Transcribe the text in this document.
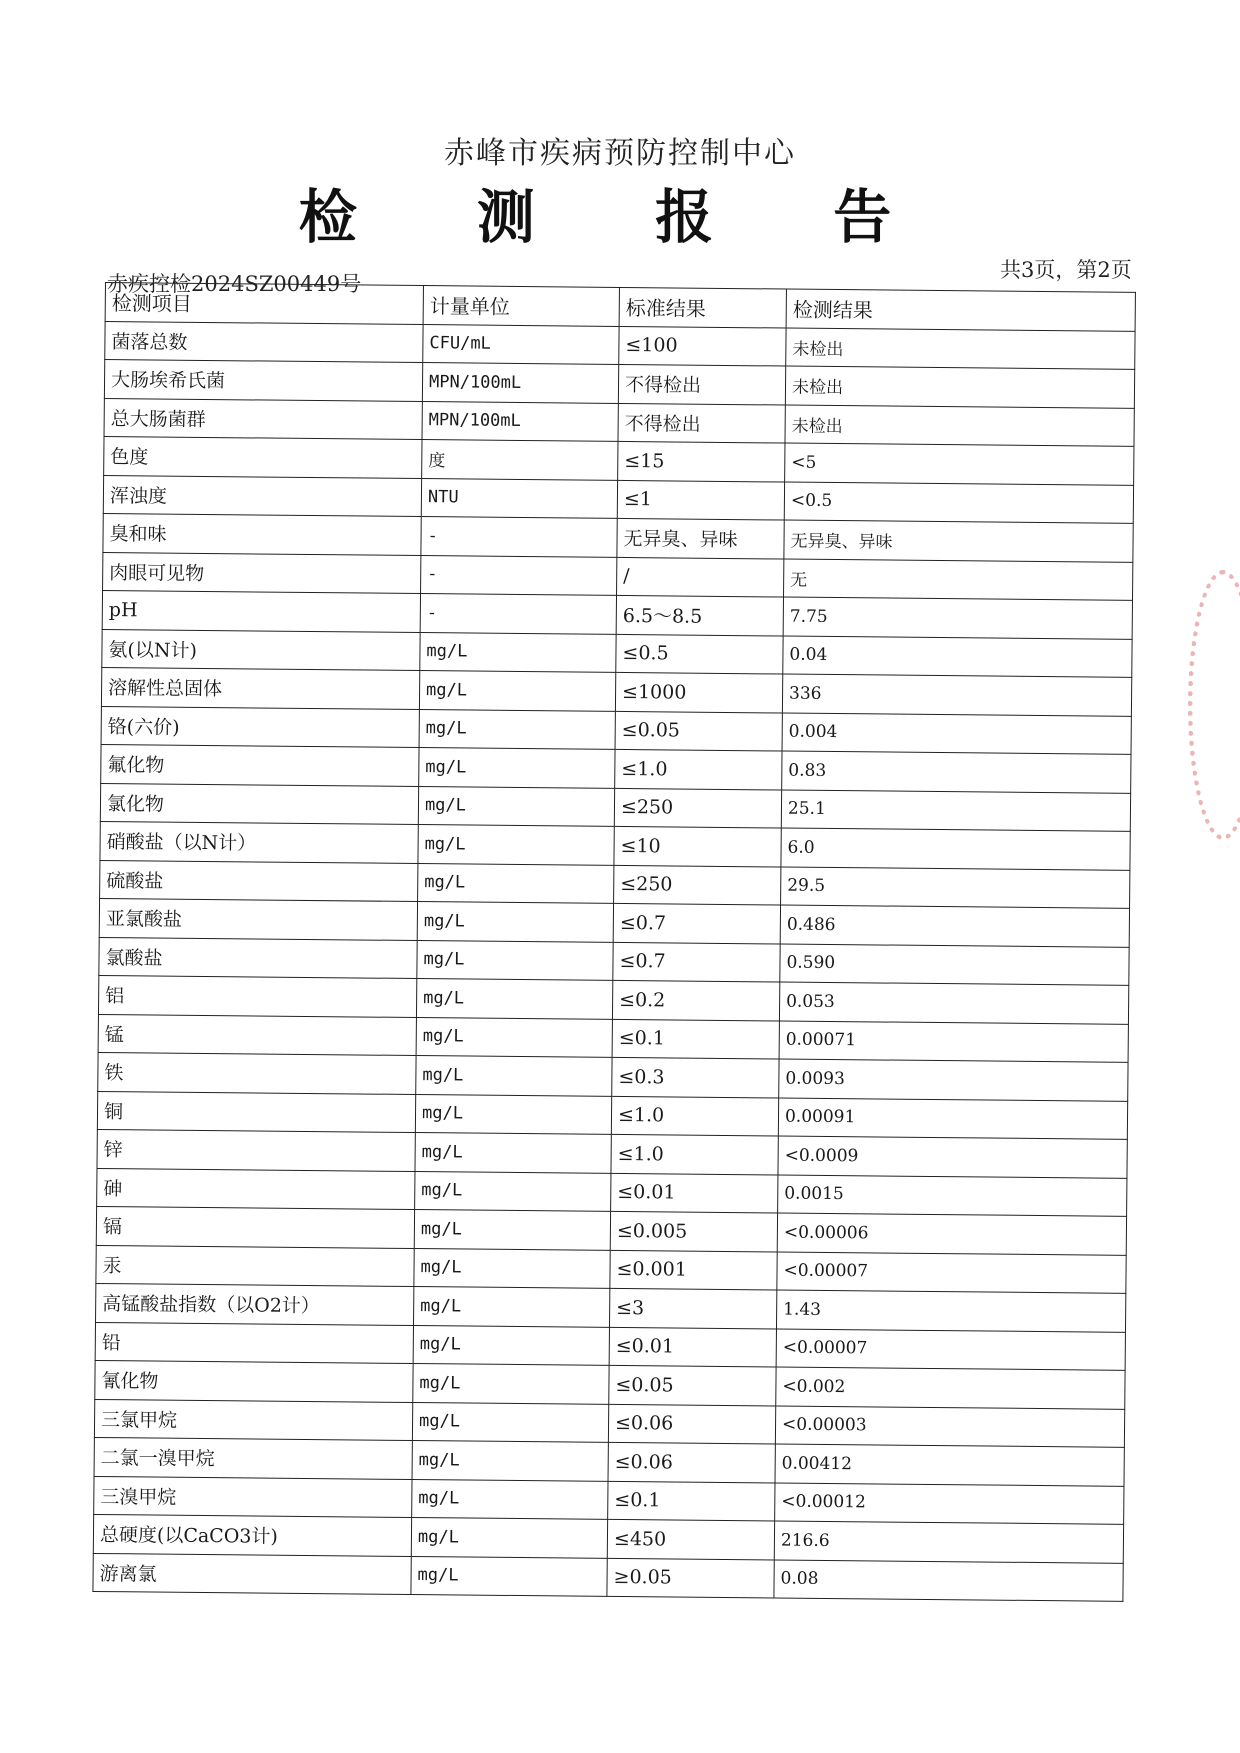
赤峰市疾病预防控制中心
检 测 报 告
赤疾控检2024SZ00449号
共3页，第2页
检测项目	计量单位	标准结果	检测结果
菌落总数	CFU/mL	≤100	未检出
大肠埃希氏菌	MPN/100mL	不得检出	未检出
总大肠菌群	MPN/100mL	不得检出	未检出
色度	度	≤15	<5
浑浊度	NTU	≤1	<0.5
臭和味	-	无异臭、异味	无异臭、异味
肉眼可见物	-	/	无
pH	-	6.5～8.5	7.75
氨(以N计)	mg/L	≤0.5	0.04
溶解性总固体	mg/L	≤1000	336
铬(六价)	mg/L	≤0.05	0.004
氟化物	mg/L	≤1.0	0.83
氯化物	mg/L	≤250	25.1
硝酸盐（以N计）	mg/L	≤10	6.0
硫酸盐	mg/L	≤250	29.5
亚氯酸盐	mg/L	≤0.7	0.486
氯酸盐	mg/L	≤0.7	0.590
铝	mg/L	≤0.2	0.053
锰	mg/L	≤0.1	0.00071
铁	mg/L	≤0.3	0.0093
铜	mg/L	≤1.0	0.00091
锌	mg/L	≤1.0	<0.0009
砷	mg/L	≤0.01	0.0015
镉	mg/L	≤0.005	<0.00006
汞	mg/L	≤0.001	<0.00007
高锰酸盐指数（以O2计）	mg/L	≤3	1.43
铅	mg/L	≤0.01	<0.00007
氰化物	mg/L	≤0.05	<0.002
三氯甲烷	mg/L	≤0.06	<0.00003
二氯一溴甲烷	mg/L	≤0.06	0.00412
三溴甲烷	mg/L	≤0.1	<0.00012
总硬度(以CaCO3计)	mg/L	≤450	216.6
游离氯	mg/L	≥0.05	0.08
